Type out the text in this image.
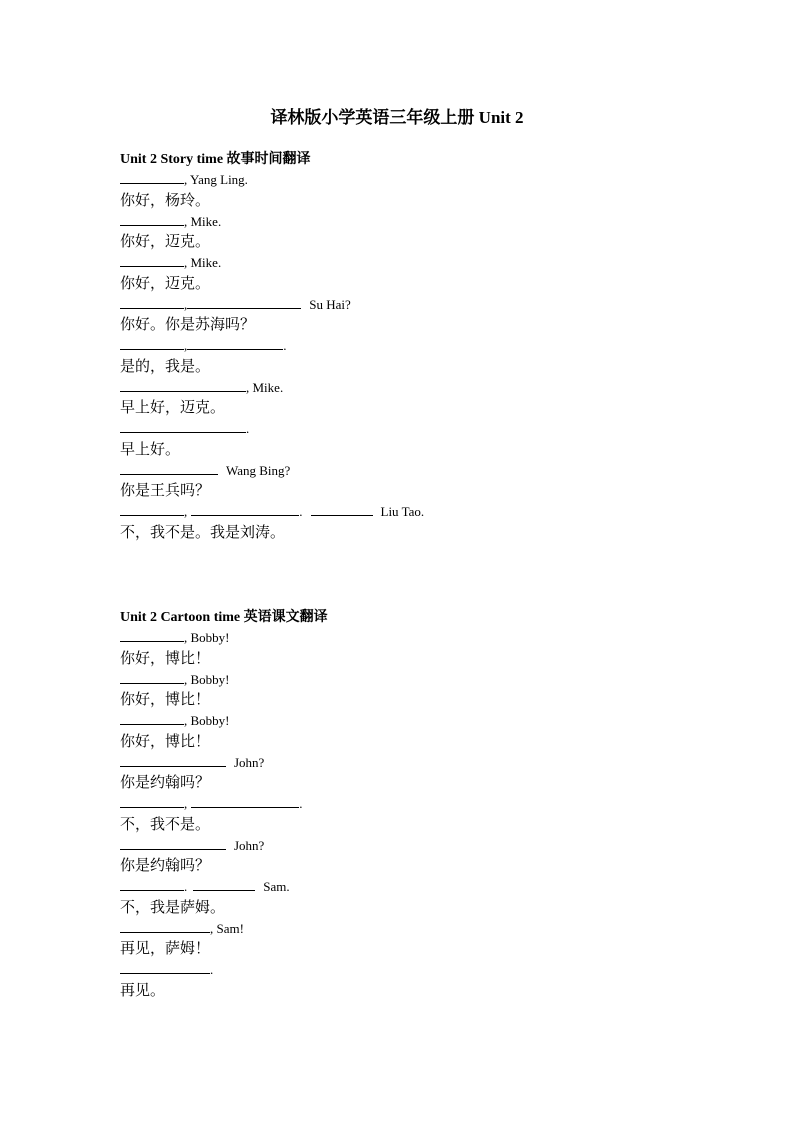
译林版小学英语三年级上册 Unit 2
Unit 2 Story time 故事时间翻译
, Yang Ling.
你好，杨玲。
, Mike.
你好，迈克。
, Mike.
你好，迈克。
,	Su Hai?
你好。你是苏海吗？
,	.
是的，我是。
, Mike.
早上好，迈克。
.
早上好。
Wang Bing?
你是王兵吗？
,	.	Liu Tao.
不，我不是。我是刘涛。
Unit 2 Cartoon time 英语课文翻译
, Bobby!
你好，博比！
, Bobby!
你好，博比！
, Bobby!
你好，博比！
John?
你是约翰吗？
,	.
不，我不是。
John?
你是约翰吗？
.	Sam.
不，我是萨姆。
, Sam!
再见，萨姆！
.
再见。
